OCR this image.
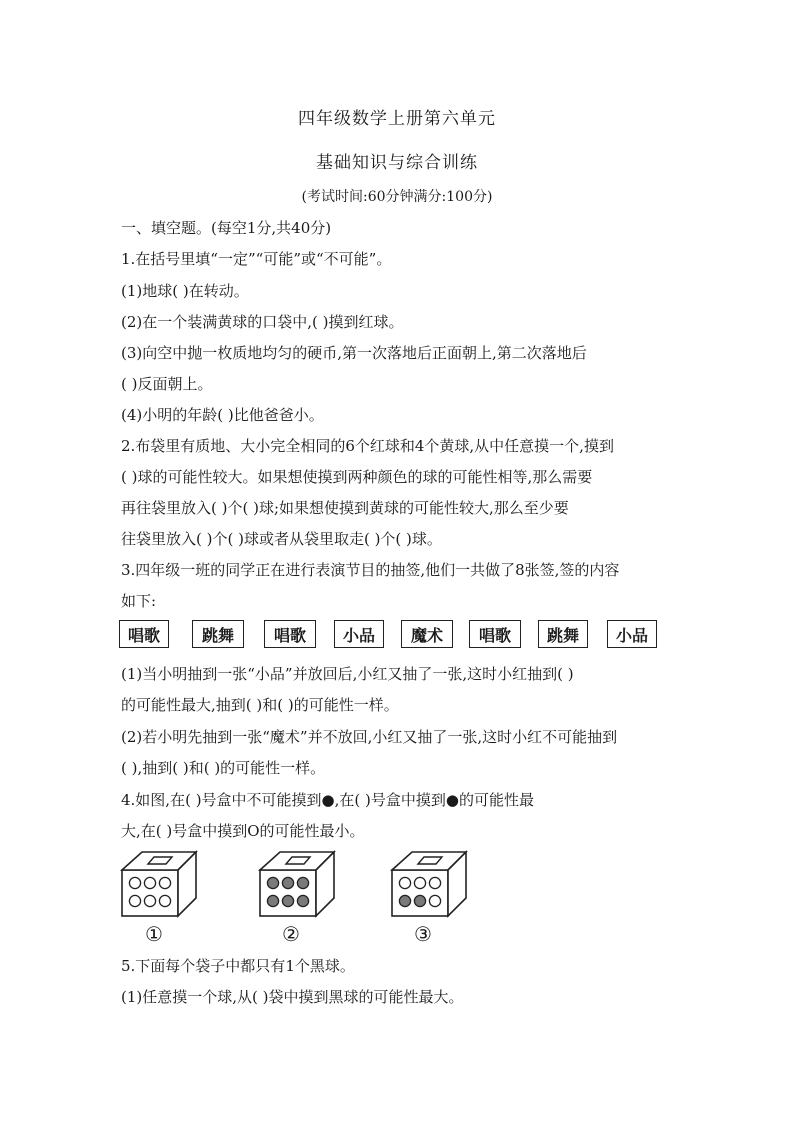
四年级数学上册第六单元
基础知识与综合训练
(考试时间:60分钟满分:100分)
一、填空题。(每空1分,共40分)
1.在括号里填“一定”“可能”或“不可能”。
(1)地球( )在转动。
(2)在一个装满黄球的口袋中,( )摸到红球。
(3)向空中抛一枚质地均匀的硬币,第一次落地后正面朝上,第二次落地后
( )反面朝上。
(4)小明的年龄( )比他爸爸小。
2.布袋里有质地、大小完全相同的6个红球和4个黄球,从中任意摸一个,摸到
( )球的可能性较大。如果想使摸到两种颜色的球的可能性相等,那么需要
再往袋里放入( )个( )球;如果想使摸到黄球的可能性较大,那么至少要
往袋里放入( )个( )球或者从袋里取走( )个( )球。
3.四年级一班的同学正在进行表演节目的抽签,他们一共做了8张签,签的内容
如下:
唱歌	跳舞	唱歌	小品	魔术	唱歌	跳舞	小品
(1)当小明抽到一张“小品”并放回后,小红又抽了一张,这时小红抽到( )
的可能性最大,抽到( )和( )的可能性一样。
(2)若小明先抽到一张“魔术”并不放回,小红又抽了一张,这时小红不可能抽到
( ),抽到( )和( )的可能性一样。
4.如图,在( )号盒中不可能摸到●,在( )号盒中摸到●的可能性最
大,在( )号盒中摸到O的可能性最小。
①	②	③
5.下面每个袋子中都只有1个黑球。
(1)任意摸一个球,从( )袋中摸到黑球的可能性最大。
